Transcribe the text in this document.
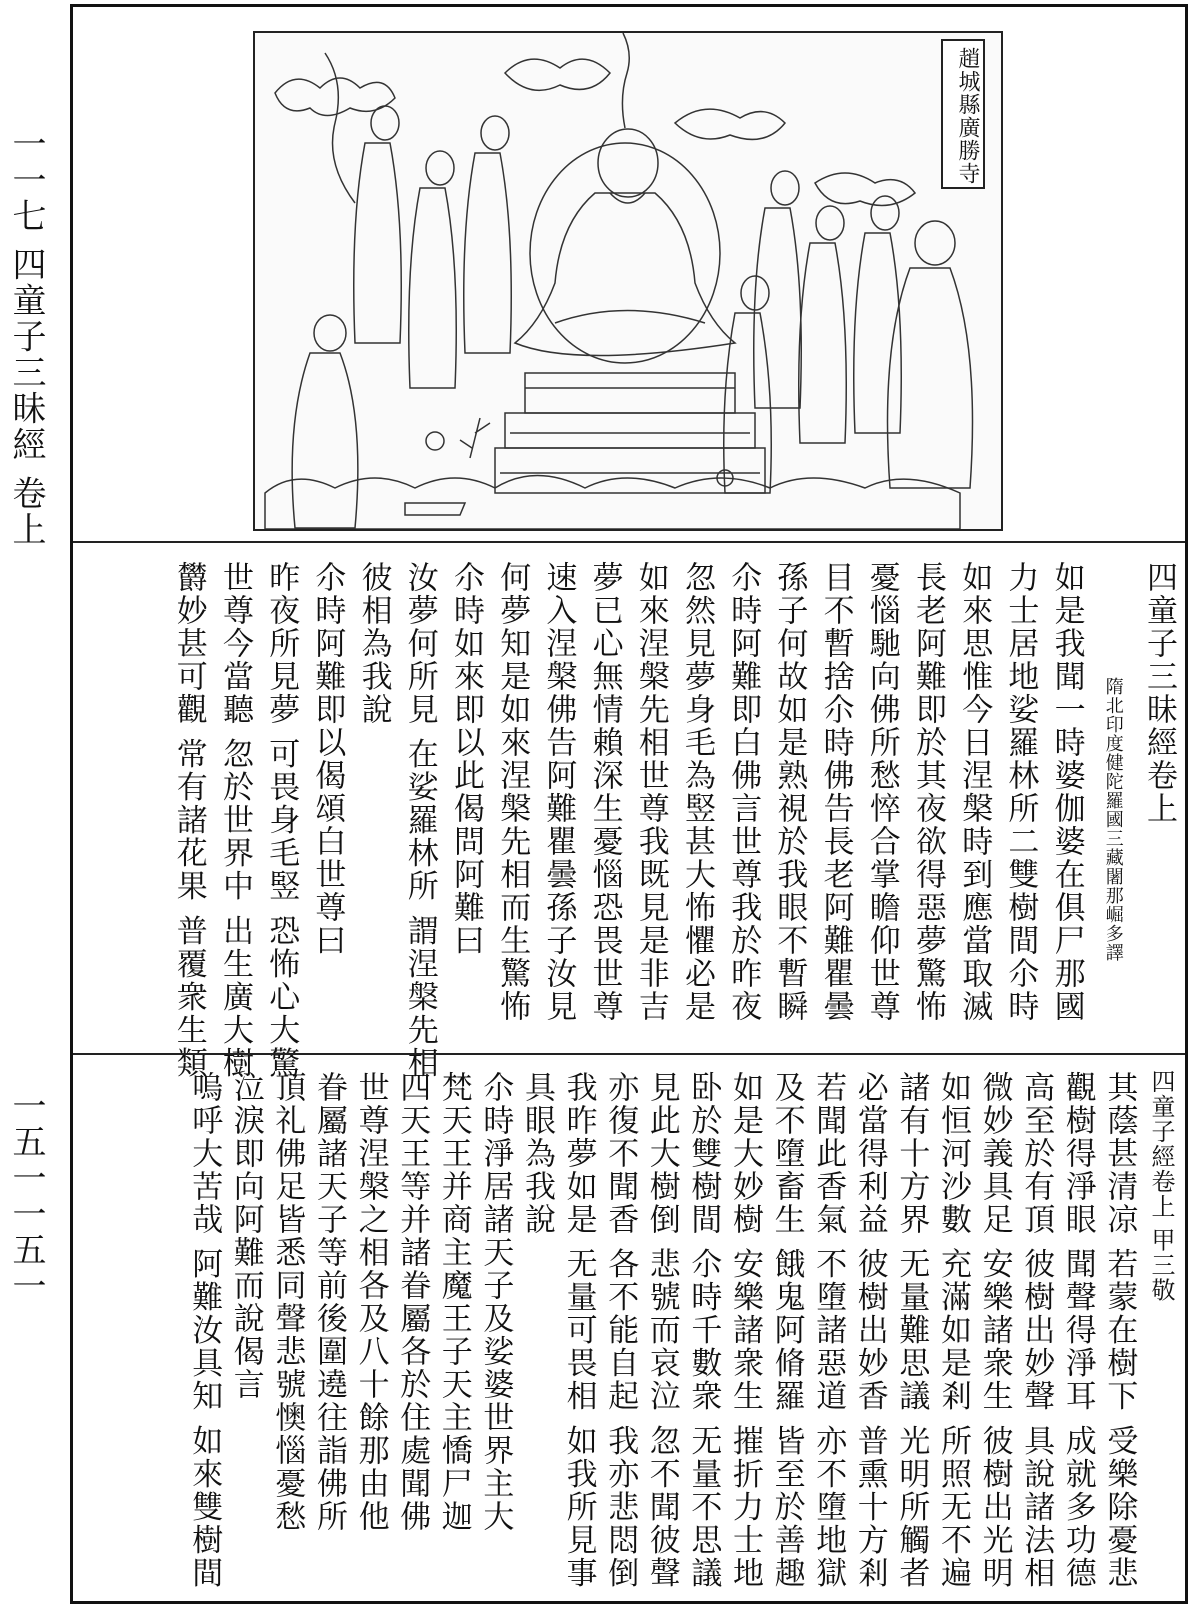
一一七 四童子三昧經 卷上
一五一一五一
趙城縣廣勝寺
四童子三昧經卷上
隋北印度健陀羅國三藏闍那崛多譯
如是我聞一時婆伽婆在俱尸那國
力士居地娑羅林所二雙樹間尒時
如來思惟今日涅槃時到應當取滅
長老阿難即於其夜欲得惡夢驚怖
憂惱馳向佛所愁悴合掌瞻仰世尊
目不暫捨尒時佛告長老阿難瞿曇
孫子何故如是熟視於我眼不暫瞬
尒時阿難即白佛言世尊我於昨夜
忽然見夢身毛為竪甚大怖懼必是
如來涅槃先相世尊我既見是非吉
夢已心無情賴深生憂惱恐畏世尊
速入涅槃佛告阿難瞿曇孫子汝見
何夢知是如來涅槃先相而生驚怖
尒時如來即以此偈問阿難曰
汝夢何所見 在娑羅林所 謂涅槃先相
彼相為我說
尒時阿難即以偈頌白世尊曰
昨夜所見夢 可畏身毛竪 恐怖心大驚
世尊今當聽 忽於世界中 出生廣大樹
欝妙甚可觀 常有諸花果 普覆衆生類
四童子經卷上 甲三敬
其蔭甚清凉 若蒙在樹下 受樂除憂悲
觀樹得淨眼 聞聲得淨耳 成就多功德
高至於有頂 彼樹出妙聲 具說諸法相
微妙義具足 安樂諸衆生 彼樹出光明
如恒河沙數 充滿如是剎 所照无不遍
諸有十方界 无量難思議 光明所觸者
必當得利益 彼樹出妙香 普熏十方剎
若聞此香氣 不墮諸惡道 亦不墮地獄
及不墮畜生 餓鬼阿脩羅 皆至於善趣
如是大妙樹 安樂諸衆生 摧折力士地
卧於雙樹間 尒時千數衆 无量不思議
見此大樹倒 悲號而哀泣 忽不聞彼聲
亦復不聞香 各不能自起 我亦悲悶倒
我昨夢如是 无量可畏相 如我所見事
具眼為我說
尒時淨居諸天子及娑婆世界主大
梵天王并商主魔王子天主憍尸迦
四天王等并諸眷屬各於住處聞佛
世尊涅槃之相各及八十餘那由他
眷屬諸天子等前後圍遶往詣佛所
頂礼佛足皆悉同聲悲號懊惱憂愁
泣淚即向阿難而說偈言
嗚呼大苦哉 阿難汝具知 如來雙樹間
